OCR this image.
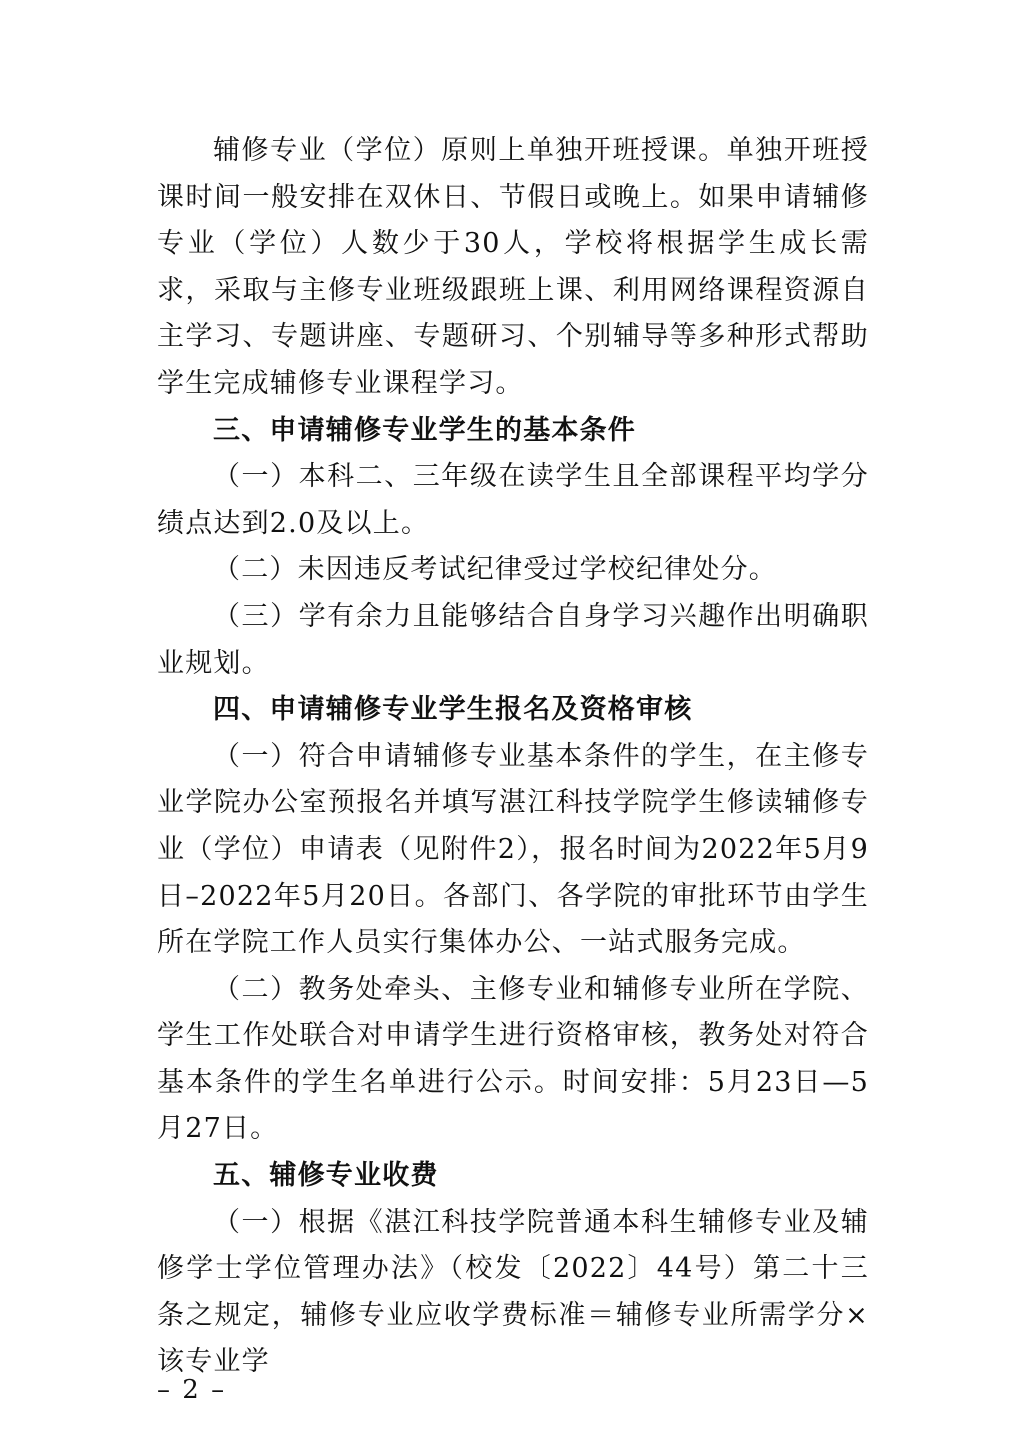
辅修专业（学位）原则上单独开班授课。单独开班授课时间一般安排在双休日、节假日或晚上。如果申请辅修专业（学位）人数少于30人，学校将根据学生成长需求，采取与主修专业班级跟班上课、利用网络课程资源自主学习、专题讲座、专题研习、个别辅导等多种形式帮助学生完成辅修专业课程学习。

三、申请辅修专业学生的基本条件

（一）本科二、三年级在读学生且全部课程平均学分绩点达到2.0及以上。

（二）未因违反考试纪律受过学校纪律处分。

（三）学有余力且能够结合自身学习兴趣作出明确职业规划。

四、申请辅修专业学生报名及资格审核

（一）符合申请辅修专业基本条件的学生，在主修专业学院办公室预报名并填写湛江科技学院学生修读辅修专业（学位）申请表（见附件2），报名时间为2022年5月9日–2022年5月20日。各部门、各学院的审批环节由学生所在学院工作人员实行集体办公、一站式服务完成。

（二）教务处牵头、主修专业和辅修专业所在学院、学生工作处联合对申请学生进行资格审核，教务处对符合基本条件的学生名单进行公示。时间安排：5月23日—5月27日。

五、辅修专业收费

（一）根据《湛江科技学院普通本科生辅修专业及辅修学士学位管理办法》（校发〔2022〕44号）第二十三条之规定，辅修专业应收学费标准＝辅修专业所需学分×该专业学

– 2 –
